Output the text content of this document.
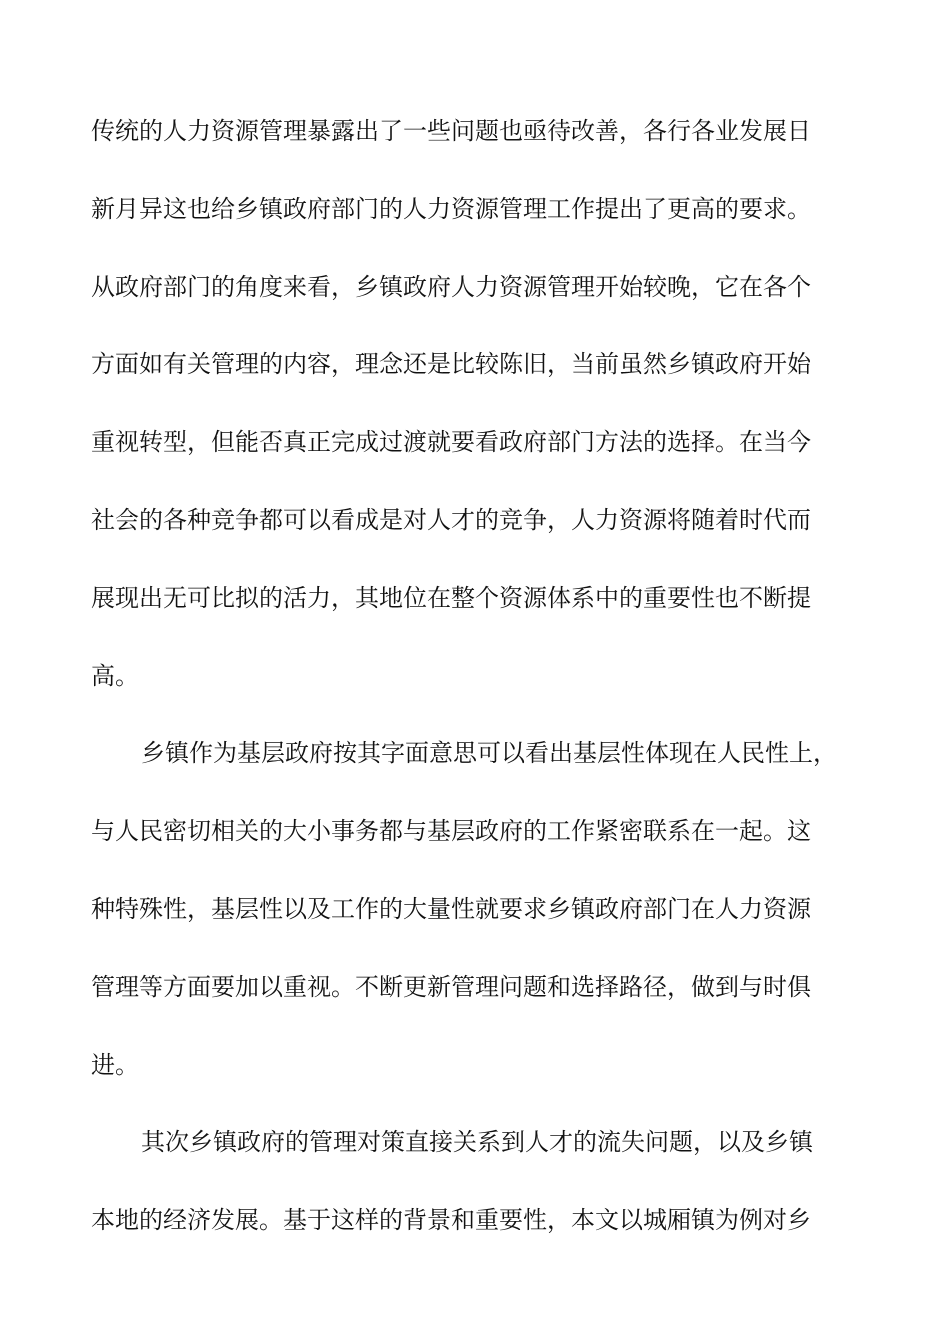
传统的人力资源管理暴露出了一些问题也亟待改善，各行各业发展日
新月异这也给乡镇政府部门的人力资源管理工作提出了更高的要求。
从政府部门的角度来看，乡镇政府人力资源管理开始较晚，它在各个
方面如有关管理的内容，理念还是比较陈旧，当前虽然乡镇政府开始
重视转型，但能否真正完成过渡就要看政府部门方法的选择。在当今
社会的各种竞争都可以看成是对人才的竞争，人力资源将随着时代而
展现出无可比拟的活力，其地位在整个资源体系中的重要性也不断提
高。
乡镇作为基层政府按其字面意思可以看出基层性体现在人民性上，
与人民密切相关的大小事务都与基层政府的工作紧密联系在一起。这
种特殊性，基层性以及工作的大量性就要求乡镇政府部门在人力资源
管理等方面要加以重视。不断更新管理问题和选择路径，做到与时俱
进。
其次乡镇政府的管理对策直接关系到人才的流失问题，以及乡镇
本地的经济发展。基于这样的背景和重要性，本文以城厢镇为例对乡
